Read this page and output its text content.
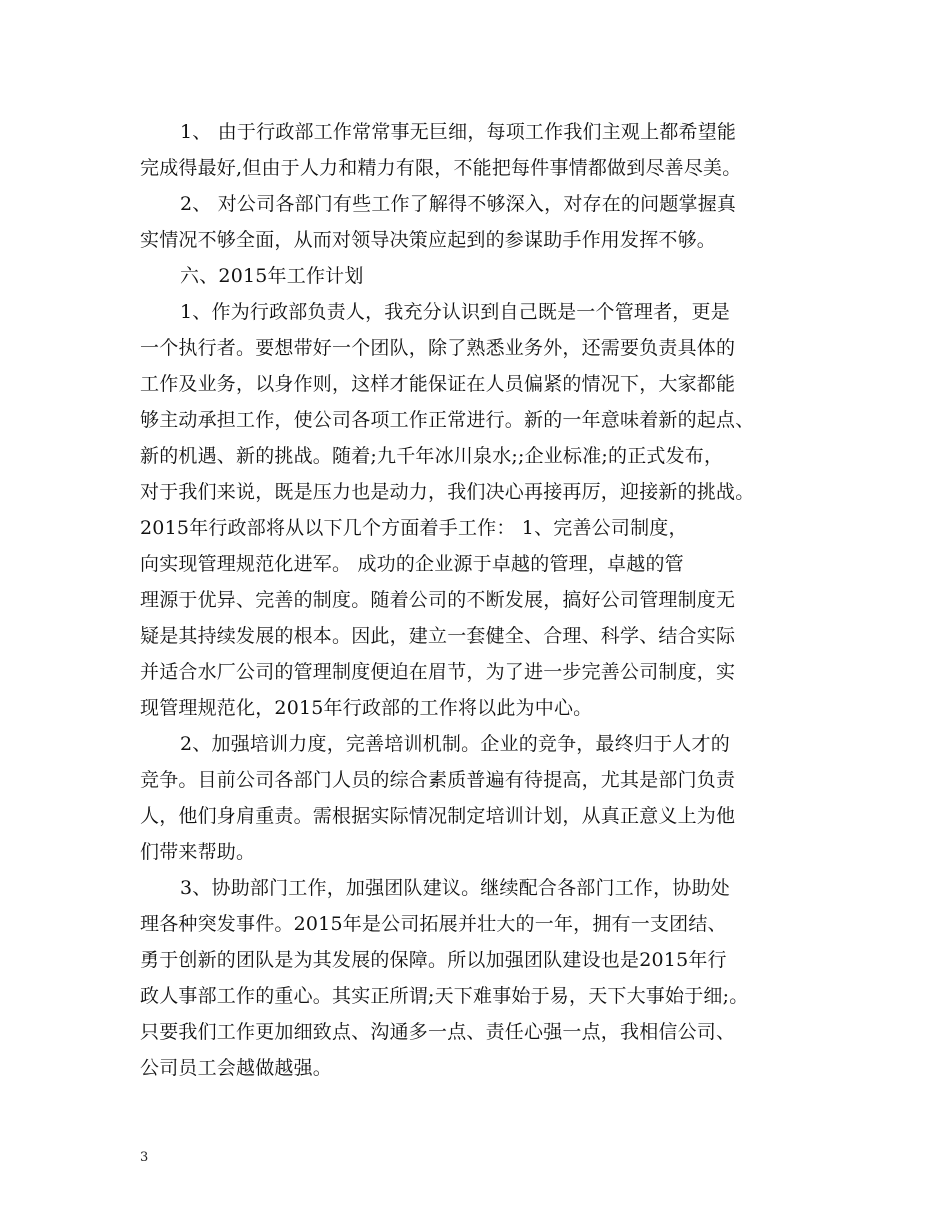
1、 由于行政部工作常常事无巨细，每项工作我们主观上都希望能
完成得最好,但由于人力和精力有限，不能把每件事情都做到尽善尽美。
2、 对公司各部门有些工作了解得不够深入，对存在的问题掌握真
实情况不够全面，从而对领导决策应起到的参谋助手作用发挥不够。
六、2015年工作计划
1、作为行政部负责人，我充分认识到自己既是一个管理者，更是
一个执行者。要想带好一个团队，除了熟悉业务外，还需要负责具体的
工作及业务，以身作则，这样才能保证在人员偏紧的情况下，大家都能
够主动承担工作，使公司各项工作正常进行。新的一年意味着新的起点、
新的机遇、新的挑战。随着;九千年冰川泉水;;企业标准;的正式发布，
对于我们来说，既是压力也是动力，我们决心再接再厉，迎接新的挑战。
2015年行政部将从以下几个方面着手工作： 1、完善公司制度，
向实现管理规范化进军。 成功的企业源于卓越的管理，卓越的管
理源于优异、完善的制度。随着公司的不断发展，搞好公司管理制度无
疑是其持续发展的根本。因此，建立一套健全、合理、科学、结合实际
并适合水厂公司的管理制度便迫在眉节，为了进一步完善公司制度，实
现管理规范化，2015年行政部的工作将以此为中心。
2、加强培训力度，完善培训机制。企业的竞争，最终归于人才的
竞争。目前公司各部门人员的综合素质普遍有待提高，尤其是部门负责
人，他们身肩重责。需根据实际情况制定培训计划，从真正意义上为他
们带来帮助。
3、协助部门工作，加强团队建议。继续配合各部门工作，协助处
理各种突发事件。2015年是公司拓展并壮大的一年，拥有一支团结、
勇于创新的团队是为其发展的保障。所以加强团队建设也是2015年行
政人事部工作的重心。其实正所谓;天下难事始于易，天下大事始于细;。
只要我们工作更加细致点、沟通多一点、责任心强一点，我相信公司、
公司员工会越做越强。
3
